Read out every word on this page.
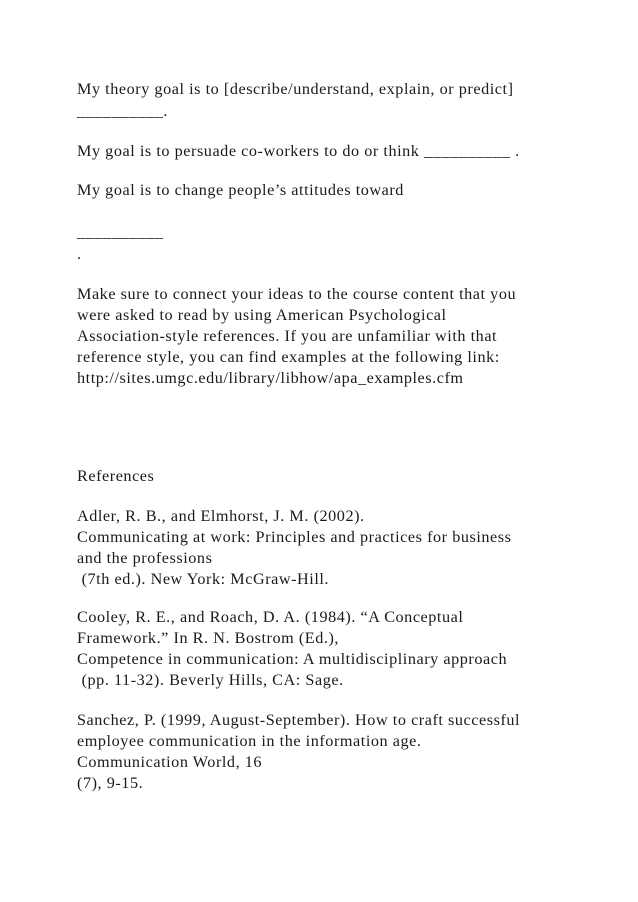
My theory goal is to [describe/understand, explain, or predict]
__________.
My goal is to persuade co-workers to do or think __________ .
My goal is to change people’s attitudes toward
__________
.
Make sure to connect your ideas to the course content that you
were asked to read by using American Psychological
Association-style references. If you are unfamiliar with that
reference style, you can find examples at the following link:
http://sites.umgc.edu/library/libhow/apa_examples.cfm
References
Adler, R. B., and Elmhorst, J. M. (2002).
Communicating at work: Principles and practices for business
and the professions
(7th ed.). New York: McGraw-Hill.
Cooley, R. E., and Roach, D. A. (1984). “A Conceptual
Framework.” In R. N. Bostrom (Ed.),
Competence in communication: A multidisciplinary approach
(pp. 11-32). Beverly Hills, CA: Sage.
Sanchez, P. (1999, August-September). How to craft successful
employee communication in the information age.
Communication World, 16
(7), 9-15.
